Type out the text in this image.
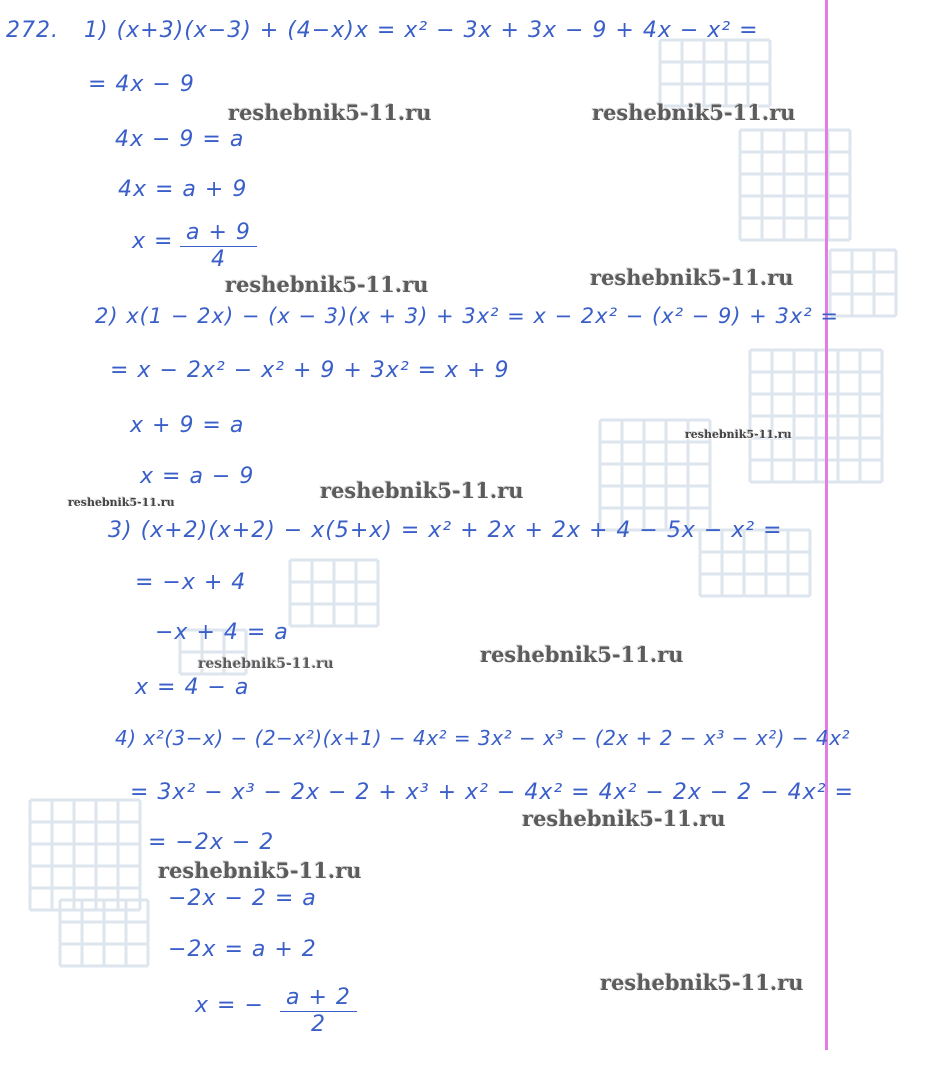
272. 1) (x+3)(x−3) + (4−x)x = x² − 3x + 3x − 9 + 4x − x² =
= 4x − 9
4x − 9 = a
4x = a + 9
$x = \frac{a + 9}{4}$
2) x(1 − 2x) − (x − 3)(x + 3) + 3x² = x − 2x² − (x² − 9) + 3x² =
= x − 2x² − x² + 9 + 3x² = x + 9
x + 9 = a
x = a − 9
3) (x+2)(x+2) − x(5+x) = x² + 2x + 2x + 4 − 5x − x² =
= −x + 4
−x + 4 = a
x = 4 − a
4) x²(3−x) − (2−x²)(x+1) − 4x² = 3x² − x³ − (2x + 2 − x³ − x²) − 4x²
= 3x² − x³ − 2x − 2 + x³ + x² − 4x² = 4x² − 2x − 2 − 4x² =
= −2x − 2
−2x − 2 = a
−2x = a + 2
x = − $\frac{a + 2}{2}$
reshebnik5-11.ru	reshebnik5-11.ru
reshebnik5-11.ru	reshebnik5-11.ru
reshebnik5-11.ru
reshebnik5-11.ru
reshebnik5-11.ru
reshebnik5-11.ru
reshebnik5-11.ru
reshebnik5-11.ru
reshebnik5-11.ru
reshebnik5-11.ru
